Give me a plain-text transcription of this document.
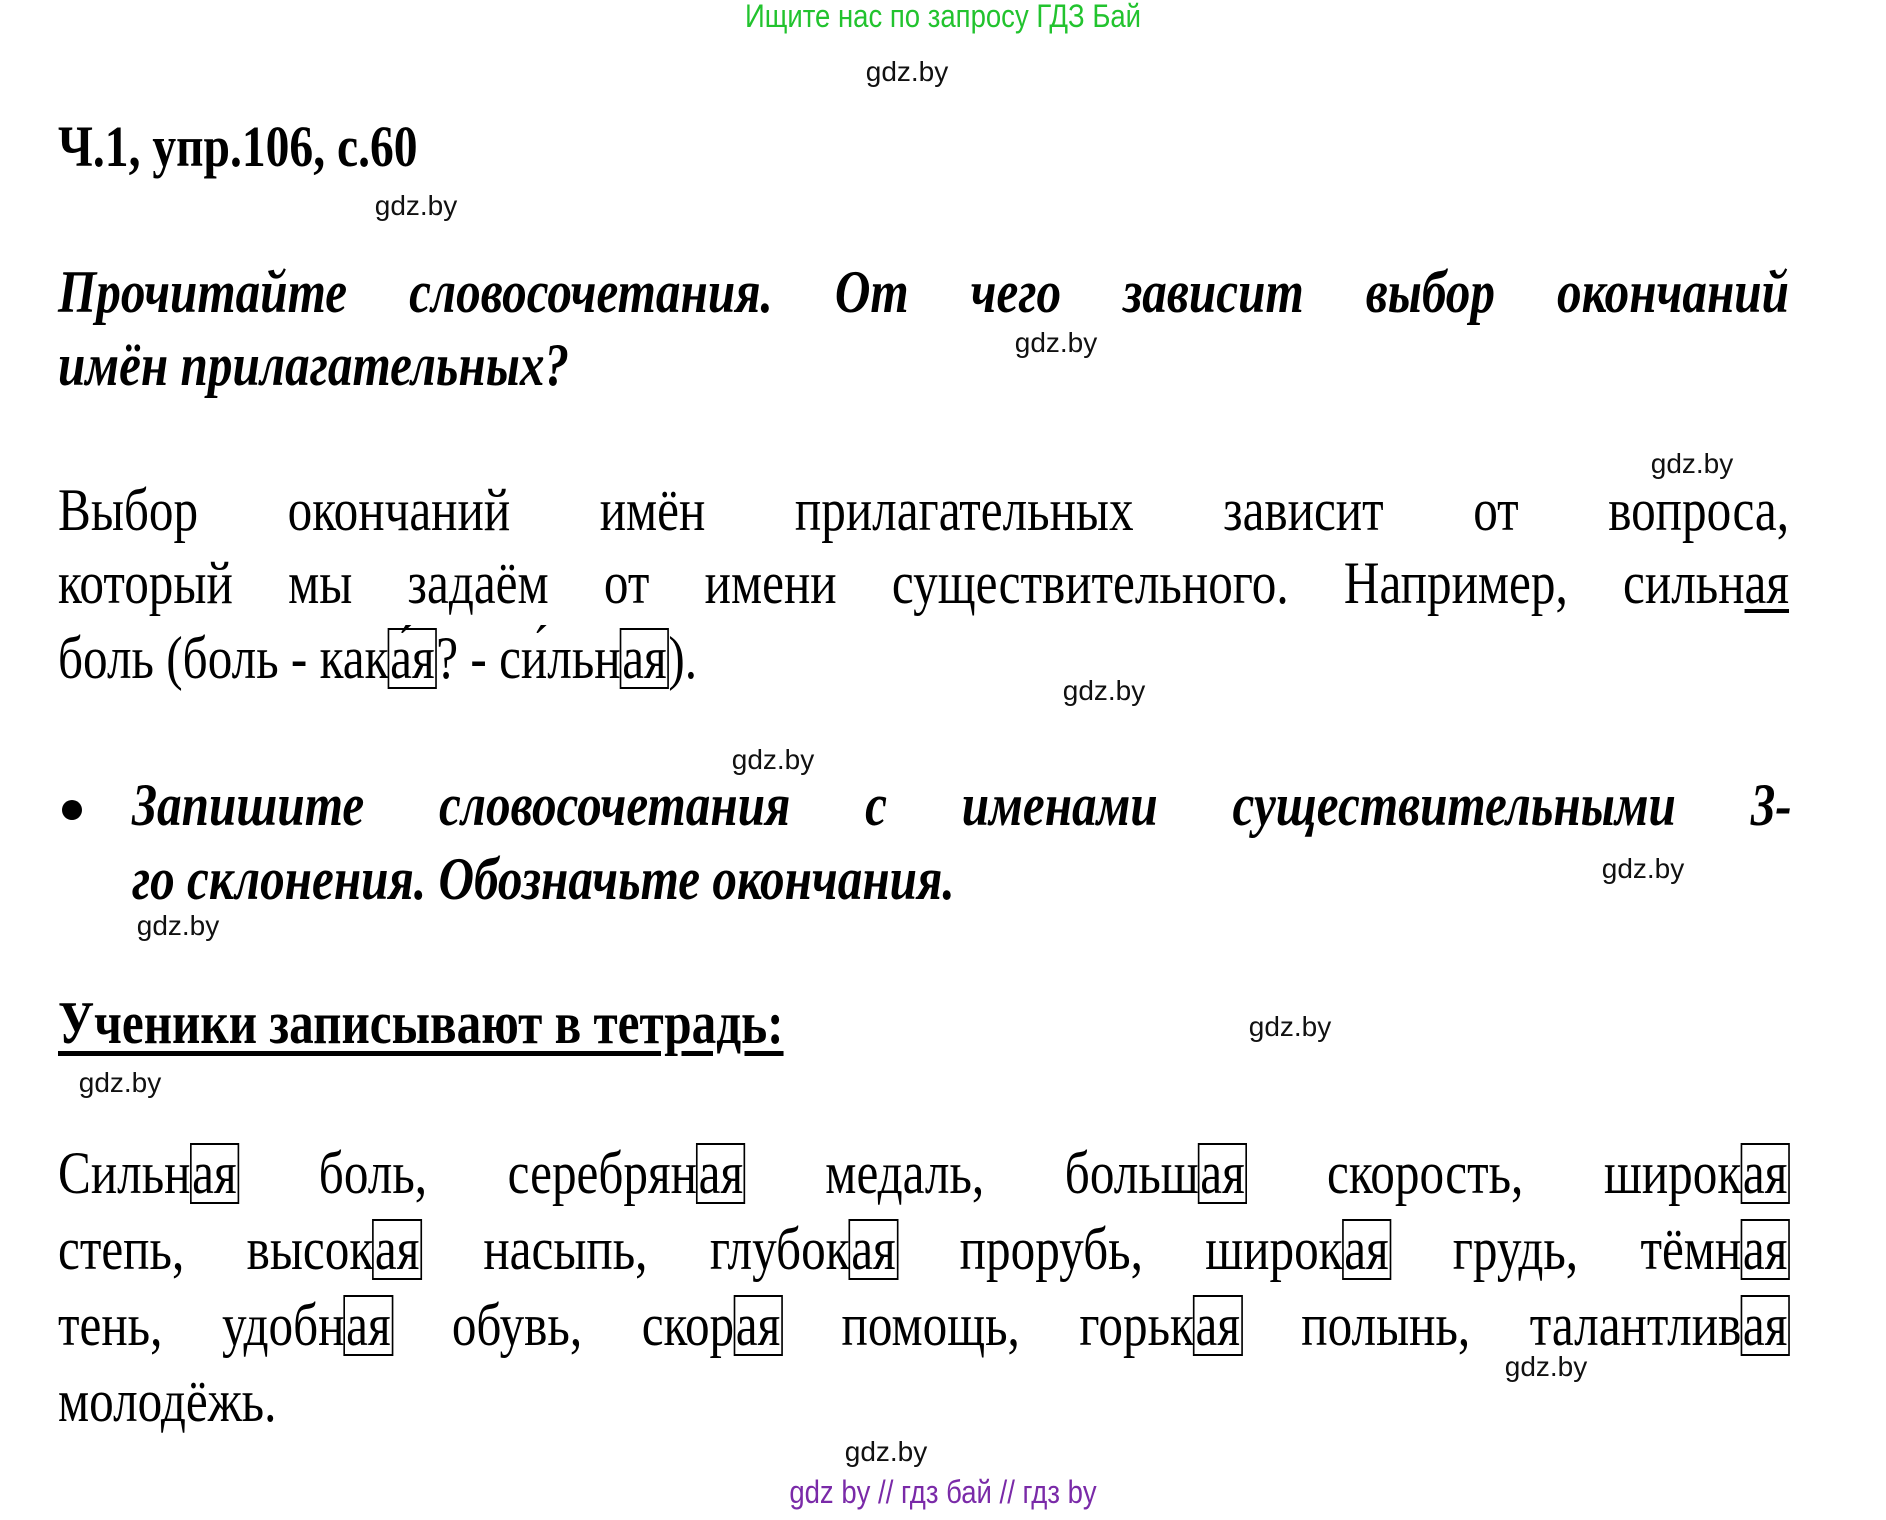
Ищите нас по запросу ГДЗ Бай
gdz.by
gdz.by
gdz.by
gdz.by
gdz.by
gdz.by
gdz.by
gdz.by
gdz.by
gdz.by
gdz.by
gdz.by
Ч.1, упр.106, с.60
Прочитайте словосочетания. От чего зависит выбор окончаний
имён прилагательных?
Выбор окончаний имён прилагательных зависит от вопроса,
который мы задаём от имени существительного. Например, сильная
боль (боль - кака́я? - си́льная).
Запишите словосочетания с именами существительными 3-
го склонения. Обозначьте окончания.
Ученики записывают в тетрадь:
Сильная боль, серебряная медаль, большая скорость, широкая
степь, высокая насыпь, глубокая прорубь, широкая грудь, тёмная
тень, удобная обувь, скорая помощь, горькая полынь, талантливая
молодёжь.
gdz by // гдз бай // гдз by
